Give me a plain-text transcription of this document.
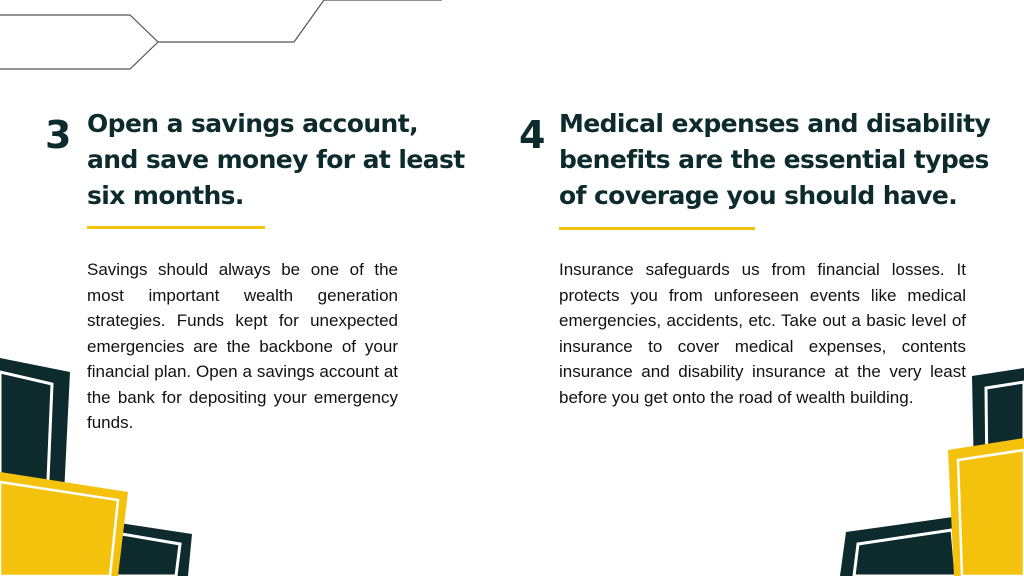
3 Open a savings account, and save money for at least six months.

Savings should always be one of the most important wealth generation strategies. Funds kept for unexpected emergencies are the backbone of your financial plan. Open a savings account at the bank for depositing your emergency funds.

4 Medical expenses and disability benefits are the essential types of coverage you should have.

Insurance safeguards us from financial losses. It protects you from unforeseen events like medical emergencies, accidents, etc. Take out a basic level of insurance to cover medical expenses, contents insurance and disability insurance at the very least before you get onto the road of wealth building.
